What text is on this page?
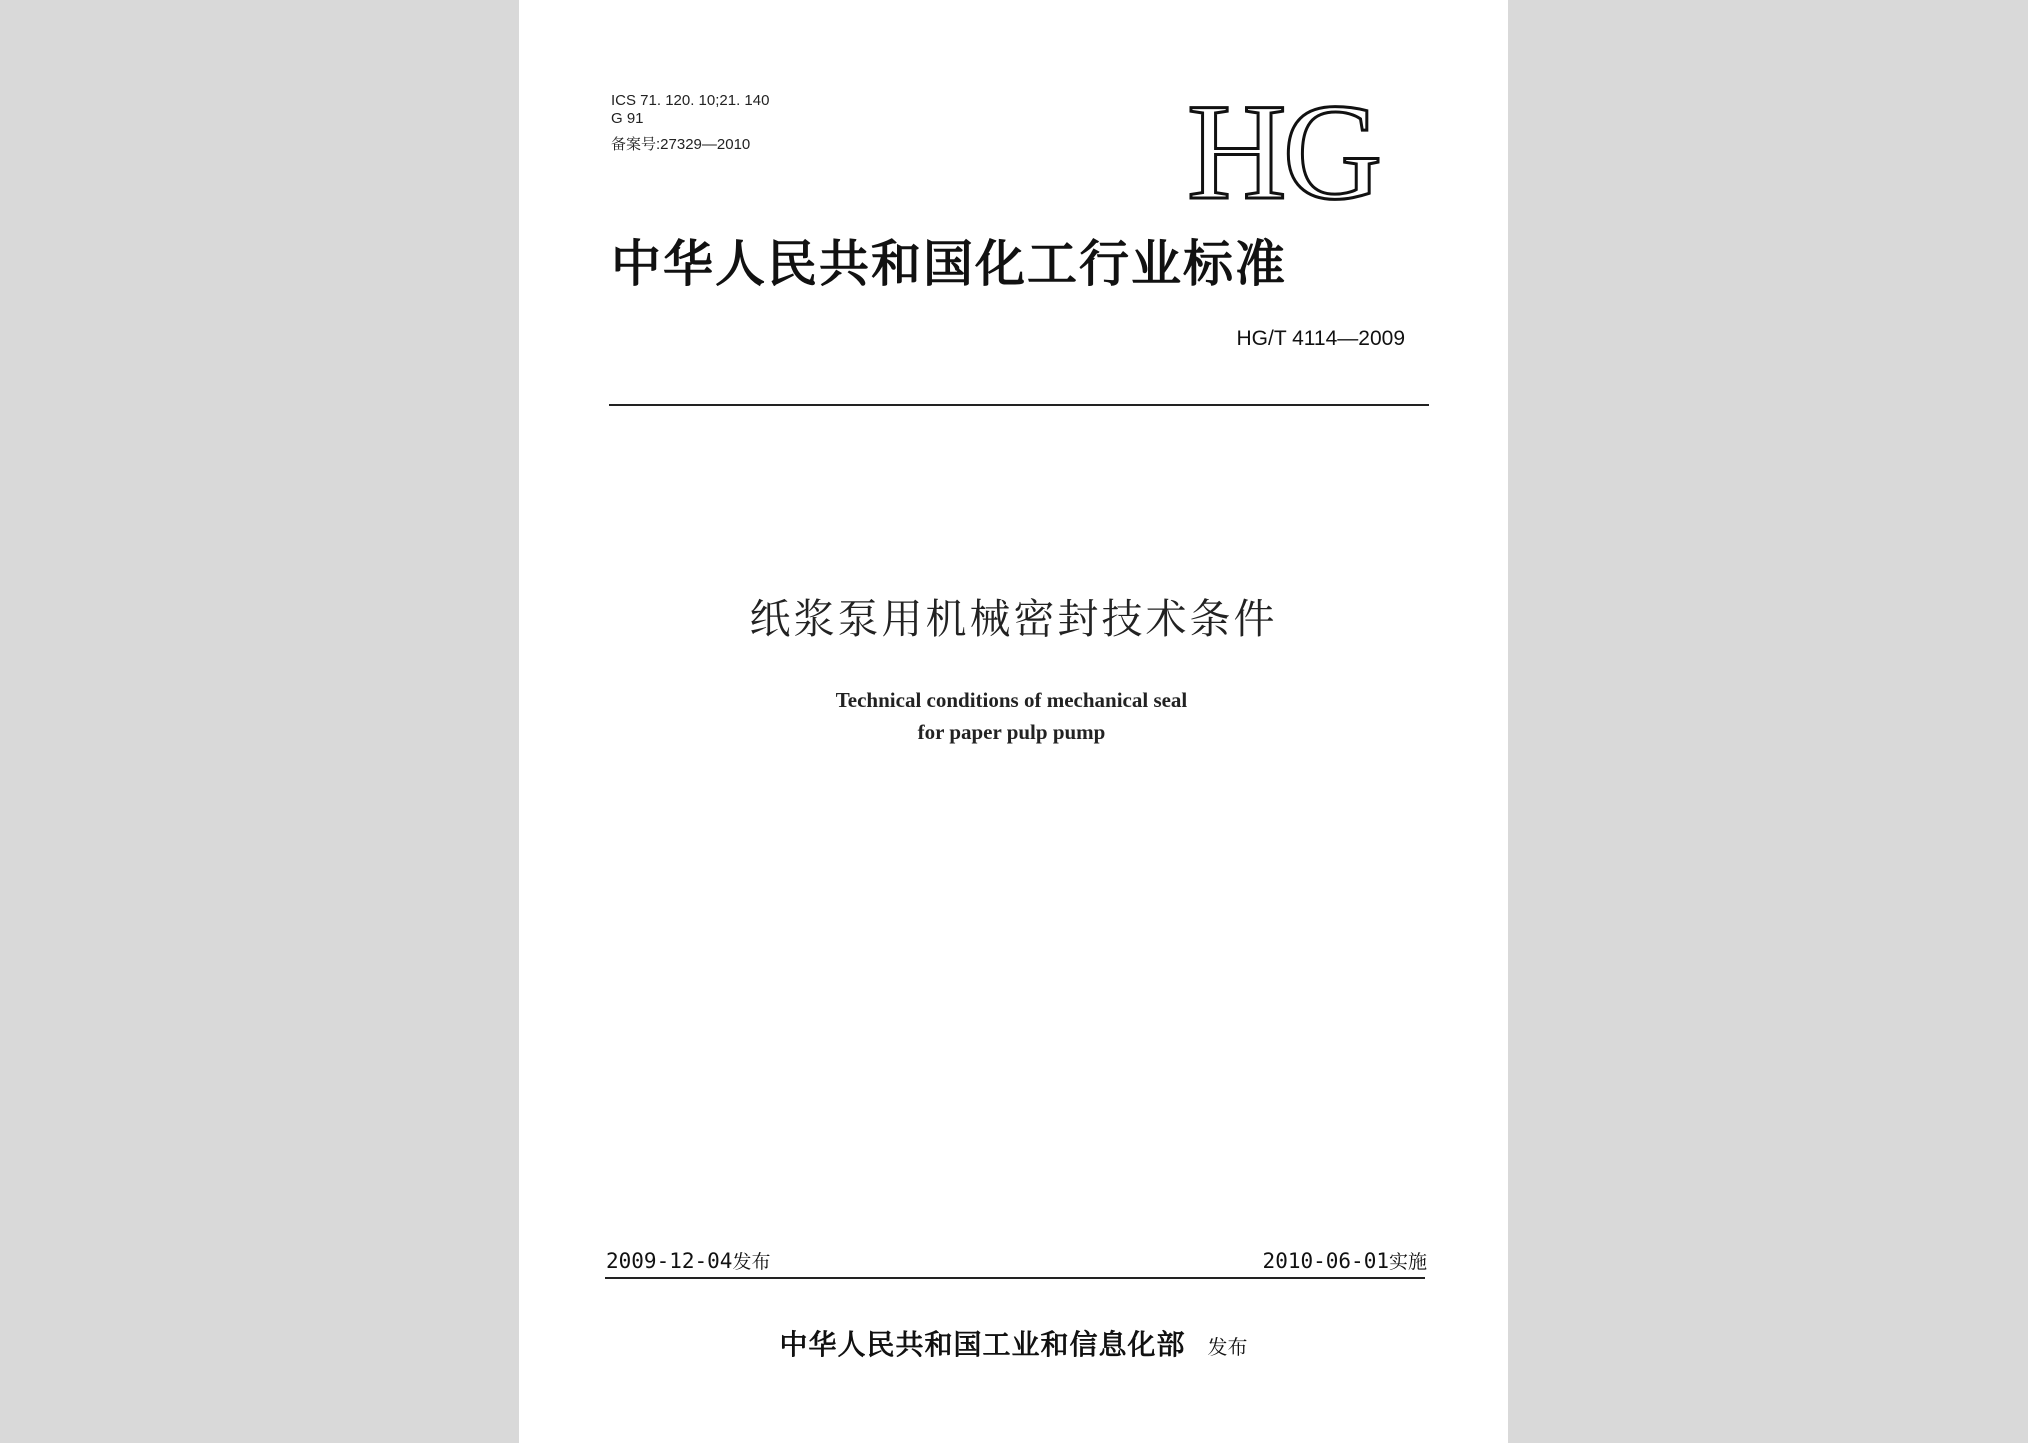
ICS 71. 120. 10;21. 140
G 91
备案号:27329—2010	HG
中华人民共和国化工行业标准
HG/T 4114—2009
纸浆泵用机械密封技术条件
Technical conditions of mechanical seal
for paper pulp pump
2009-12-04发布	2010-06-01实施
中华人民共和国工业和信息化部 发布
